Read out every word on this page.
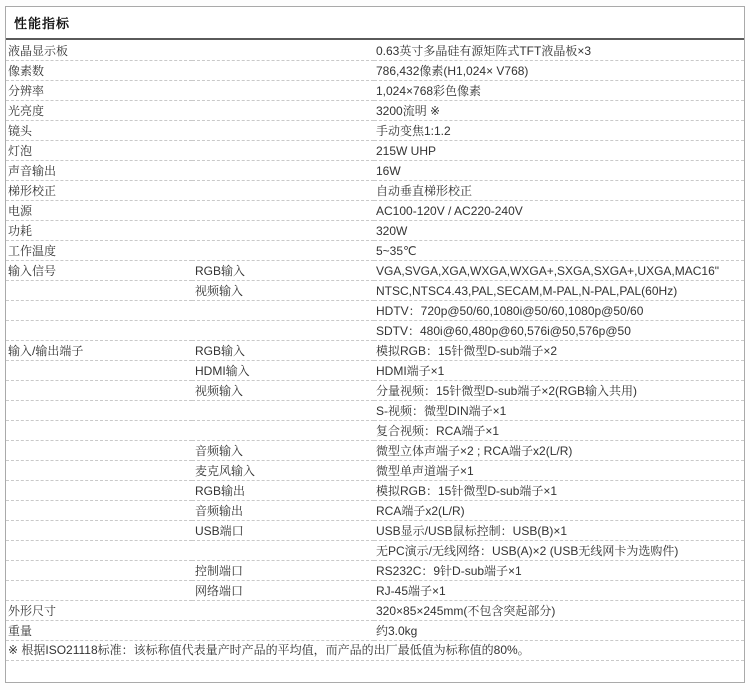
性能指标
液晶显示板		0.63英寸多晶硅有源矩阵式TFT液晶板×3
像素数		786,432像素(H1,024× V768)
分辨率		1,024×768彩色像素
光亮度		3200流明 ※
镜头		手动变焦1:1.2
灯泡		215W UHP
声音输出		16W
梯形校正		自动垂直梯形校正
电源		AC100-120V / AC220-240V
功耗		320W
工作温度		5~35℃
输入信号	RGB输入	VGA,SVGA,XGA,WXGA,WXGA+,SXGA,SXGA+,UXGA,MAC16"
	视频输入	NTSC,NTSC4.43,PAL,SECAM,M-PAL,N-PAL,PAL(60Hz)
		HDTV：720p@50/60,1080i@50/60,1080p@50/60
		SDTV：480i@60,480p@60,576i@50,576p@50
输入/输出端子	RGB输入	模拟RGB：15针微型D-sub端子×2
	HDMI输入	HDMI端子×1
	视频输入	分量视频：15针微型D-sub端子×2(RGB输入共用)
		S-视频：微型DIN端子×1
		复合视频：RCA端子×1
	音频输入	微型立体声端子×2 ; RCA端子x2(L/R)
	麦克风输入	微型单声道端子×1
	RGB输出	模拟RGB：15针微型D-sub端子×1
	音频输出	RCA端子x2(L/R)
	USB端口	USB显示/USB鼠标控制：USB(B)×1
		无PC演示/无线网络：USB(A)×2 (USB无线网卡为选购件)
	控制端口	RS232C：9针D-sub端子×1
	网络端口	RJ-45端子×1
外形尺寸		320×85×245mm(不包含突起部分)
重量		约3.0kg
※ 根据ISO21118标准：该标称值代表量产时产品的平均值，而产品的出厂最低值为标称值的80%。
